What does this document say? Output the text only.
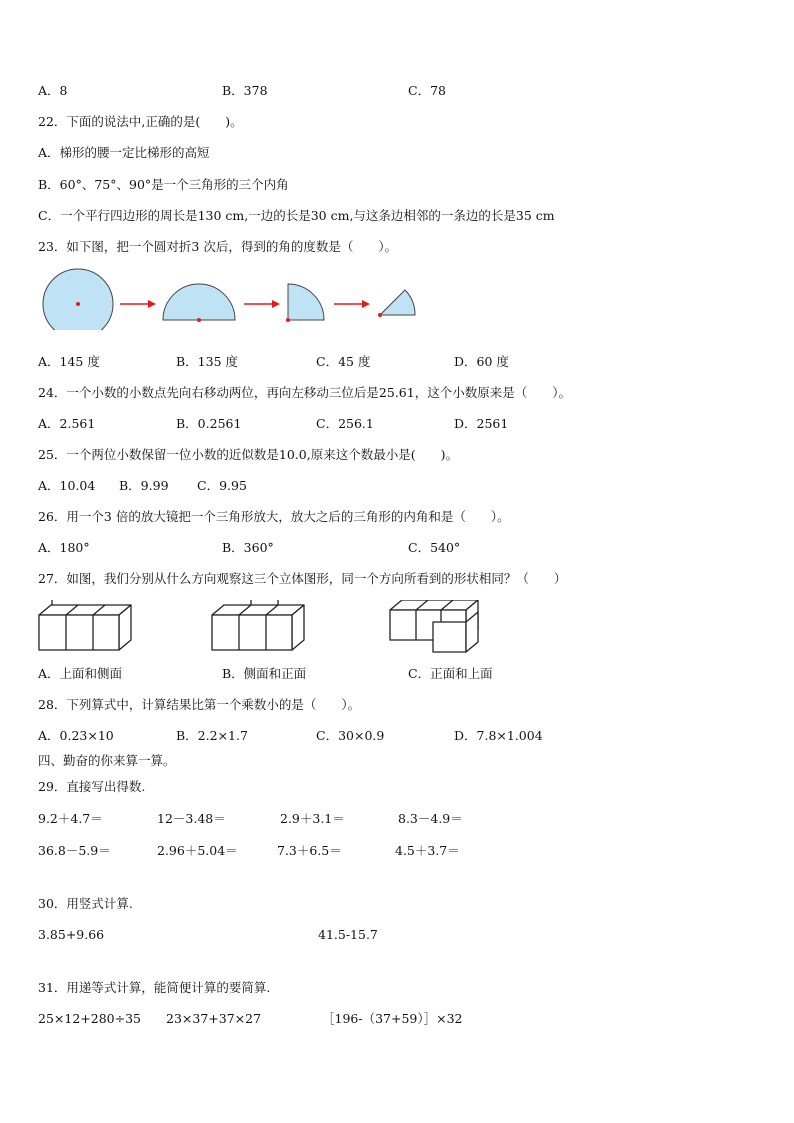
A．8	B．378	C．78
22．下面的说法中,正确的是(　　)。
A．梯形的腰一定比梯形的高短
B．60°、75°、90°是一个三角形的三个内角
C．一个平行四边形的周长是130 cm,一边的长是30 cm,与这条边相邻的一条边的长是35 cm
23．如下图，把一个圆对折3 次后，得到的角的度数是（　　）。
A．145 度	B．135 度	C．45 度	D．60 度
24．一个小数的小数点先向右移动两位，再向左移动三位后是25.61，这个小数原来是（　　）。
A．2.561	B．0.2561	C．256.1	D．2561
25．一个两位小数保留一位小数的近似数是10.0,原来这个数最小是(　　)。
A．10.04 B．9.99 C．9.95
26．用一个3 倍的放大镜把一个三角形放大，放大之后的三角形的内角和是（　　）。
A．180°	B．360°	C．540°
27．如图，我们分别从什么方向观察这三个立体图形，同一个方向所看到的形状相同？（　　）
A．上面和侧面	B．侧面和正面	C．正面和上面
28．下列算式中，计算结果比第一个乘数小的是（　　）。
A．0.23×10	B．2.2×1.7	C．30×0.9	D．7.8×1.004
四、勤奋的你来算一算。
29．直接写出得数.
9.2＋4.7＝	12－3.48＝	2.9＋3.1＝	8.3－4.9＝
36.8－5.9＝	2.96＋5.04＝	7.3＋6.5＝	4.5＋3.7＝
30．用竖式计算.
3.85+9.66	41.5-15.7
31．用递等式计算，能简便计算的要简算.
25×12+280÷35 23×37+37×27	［196-（37+59）］×32
